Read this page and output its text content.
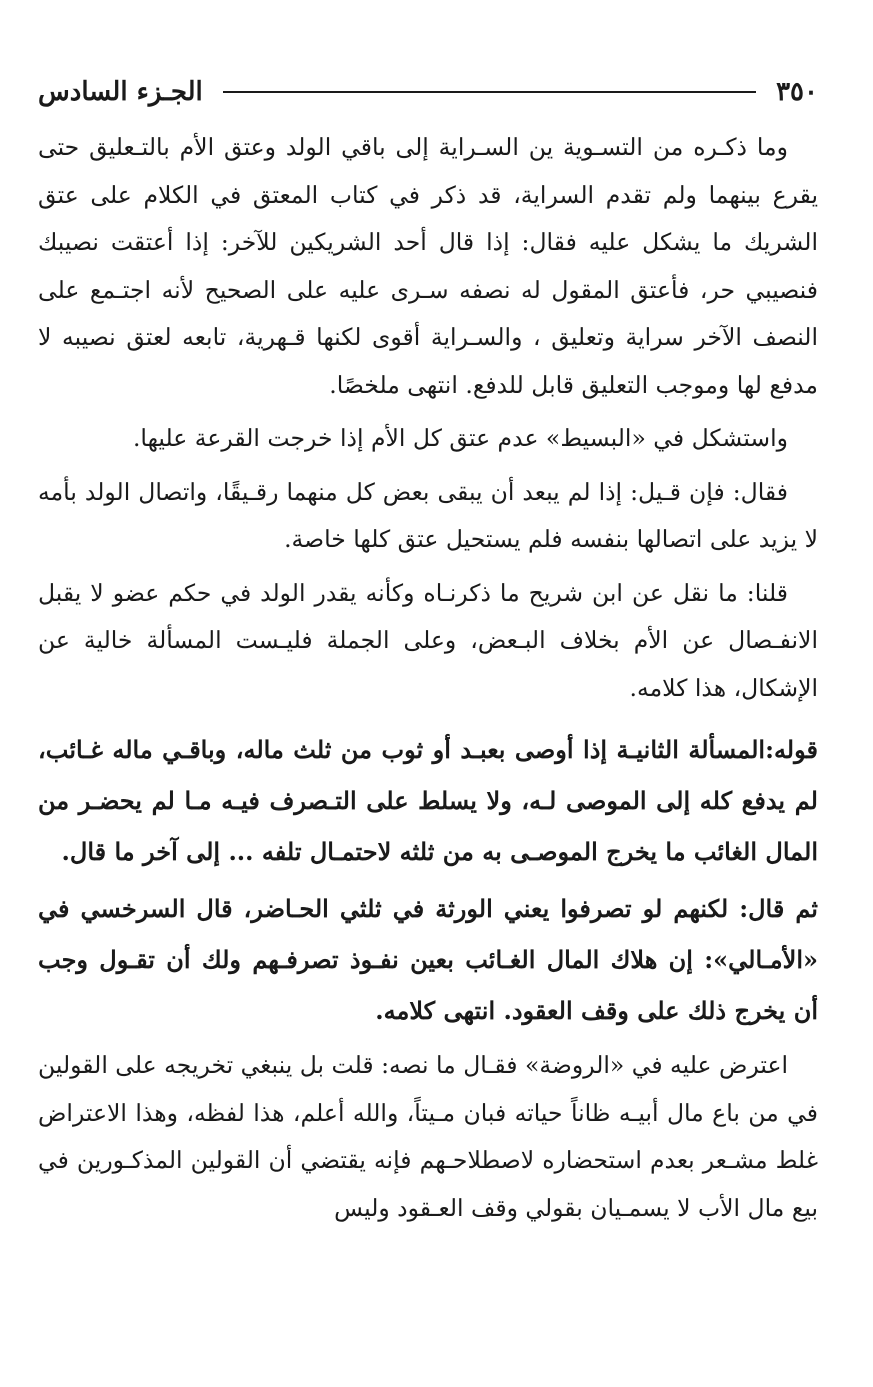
٣٥٠
الجـزء السادس

وما ذكـره من التسـوية ين السـراية إلى باقي الولد وعتق الأم بالتـعليق حتى يقرع بينهما ولم تقدم السراية، قد ذكر في كتاب المعتق في الكلام على عتق الشريك ما يشكل عليه فقال: إذا قال أحد الشريكين للآخر: إذا أعتقت نصيبك فنصيبي حر، فأعتق المقول له نصفه سـرى عليه على الصحيح لأنه اجتـمع على النصف الآخر سراية وتعليق ، والسـراية أقوى لكنها قـهرية، تابعه لعتق نصيبه لا مدفع لها وموجب التعليق قابل للدفع. انتهى ملخصًا.

واستشكل في «البسيط» عدم عتق كل الأم إذا خرجت القرعة عليها.

فقال: فإن قـيل: إذا لم يبعد أن يبقى بعض كل منهما رقـيقًا، واتصال الولد بأمه لا يزيد على اتصالها بنفسه فلم يستحيل عتق كلها خاصة.

قلنا: ما نقل عن ابن شريح ما ذكرنـاه وكأنه يقدر الولد في حكم عضو لا يقبل الانفـصال عن الأم بخلاف البـعض، وعلى الجملة فليـست المسألة خالية عن الإشكال، هذا كلامه.

قوله:المسألة الثانيـة إذا أوصى بعبـد أو ثوب من ثلث ماله، وباقـي ماله غـائب، لم يدفع كله إلى الموصى لـه، ولا يسلط على التـصرف فيـه مـا لم يحضـر من المال الغائب ما يخرج الموصـى به من ثلثه لاحتمـال تلفه ... إلى آخر ما قال.

ثم قال: لكنهم لو تصرفوا يعني الورثة في ثلثي الحـاضر، قال السرخسي في «الأمـالي»: إن هلاك المال الغـائب بعين نفـوذ تصرفـهم ولك أن تقـول وجب أن يخرج ذلك على وقف العقود. انتهى كلامه.

اعترض عليه في «الروضة» فقـال ما نصه: قلت بل ينبغي تخريجه على القولين في من باع مال أبيـه ظاناً حياته فبان مـيتاً، والله أعلم، هذا لفظه، وهذا الاعتراض غلط مشـعر بعدم استحضاره لاصطلاحـهم فإنه يقتضي أن القولين المذكـورين في بيع مال الأب لا يسمـيان بقولي وقف العـقود وليس
